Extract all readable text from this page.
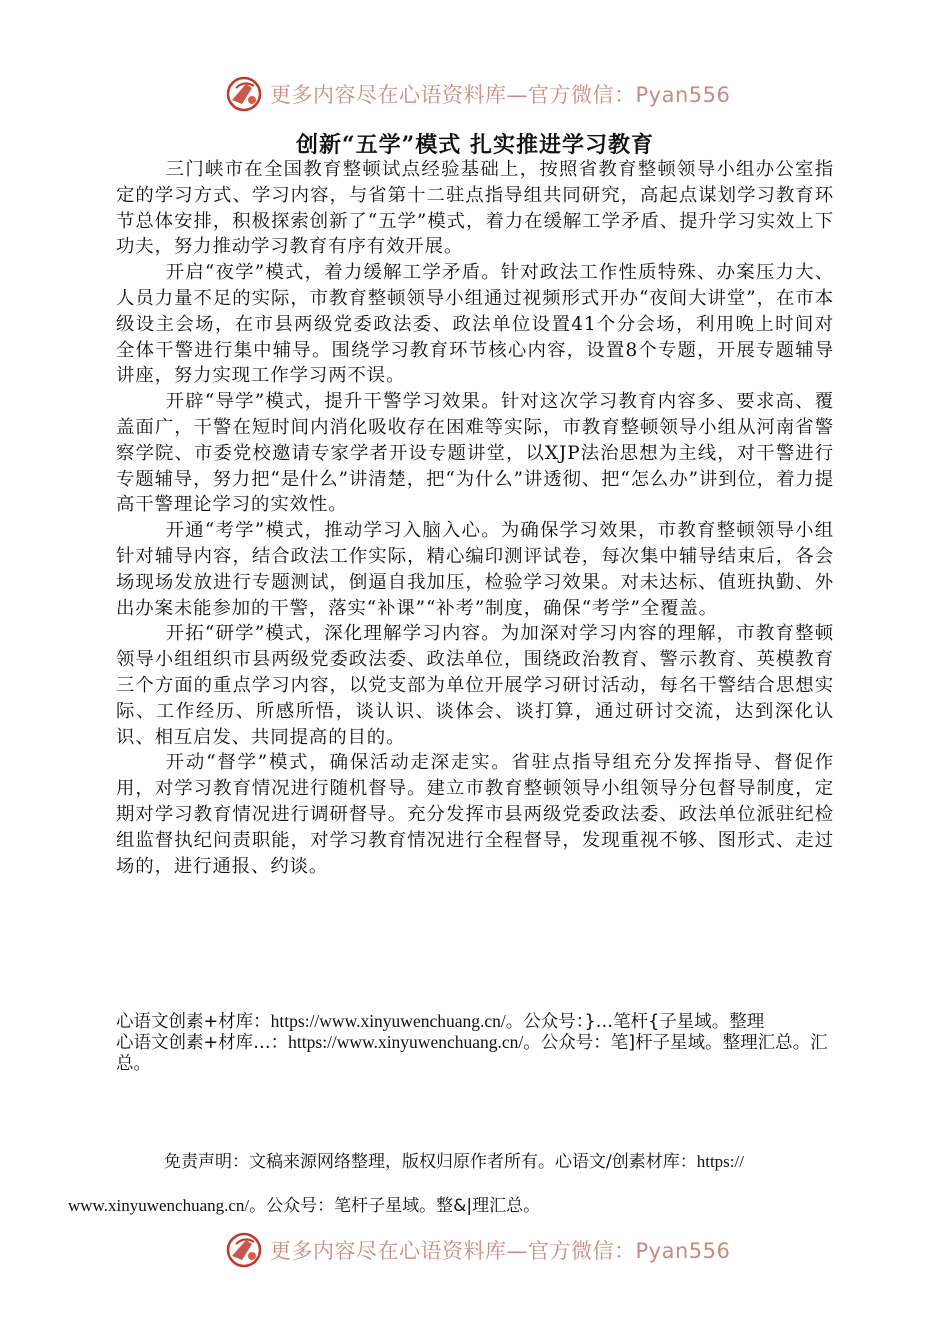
更多内容尽在心语资料库—官方微信：Pyan556
创新“五学”模式 扎实推进学习教育

三门峡市在全国教育整顿试点经验基础上，按照省教育整顿领导小组办公室指定的学习方式、学习内容，与省第十二驻点指导组共同研究，高起点谋划学习教育环节总体安排，积极探索创新了“五学”模式，着力在缓解工学矛盾、提升学习实效上下功夫，努力推动学习教育有序有效开展。

开启“夜学”模式，着力缓解工学矛盾。针对政法工作性质特殊、办案压力大、人员力量不足的实际，市教育整顿领导小组通过视频形式开办“夜间大讲堂”，在市本级设主会场，在市县两级党委政法委、政法单位设置41个分会场，利用晚上时间对全体干警进行集中辅导。围绕学习教育环节核心内容，设置8个专题，开展专题辅导讲座，努力实现工作学习两不误。

开辟“导学”模式，提升干警学习效果。针对这次学习教育内容多、要求高、覆盖面广，干警在短时间内消化吸收存在困难等实际，市教育整顿领导小组从河南省警察学院、市委党校邀请专家学者开设专题讲堂，以XJP法治思想为主线，对干警进行专题辅导，努力把“是什么”讲清楚，把“为什么”讲透彻、把“怎么办”讲到位，着力提高干警理论学习的实效性。

开通“考学”模式，推动学习入脑入心。为确保学习效果，市教育整顿领导小组针对辅导内容，结合政法工作实际，精心编印测评试卷，每次集中辅导结束后，各会场现场发放进行专题测试，倒逼自我加压，检验学习效果。对未达标、值班执勤、外出办案未能参加的干警，落实“补课”“补考”制度，确保“考学”全覆盖。

开拓“研学”模式，深化理解学习内容。为加深对学习内容的理解，市教育整顿领导小组组织市县两级党委政法委、政法单位，围绕政治教育、警示教育、英模教育三个方面的重点学习内容，以党支部为单位开展学习研讨活动，每名干警结合思想实际、工作经历、所感所悟，谈认识、谈体会、谈打算，通过研讨交流，达到深化认识、相互启发、共同提高的目的。

开动“督学”模式，确保活动走深走实。省驻点指导组充分发挥指导、督促作用，对学习教育情况进行随机督导。建立市教育整顿领导小组领导分包督导制度，定期对学习教育情况进行调研督导。充分发挥市县两级党委政法委、政法单位派驻纪检组监督执纪问责职能，对学习教育情况进行全程督导，发现重视不够、图形式、走过场的，进行通报、约谈。

心语文创素+材库：https://www.xinyuwenchuang.cn/。公众号：}…笔杆{子星域。整理
心语文创素+材库…：https://www.xinyuwenchuang.cn/。公众号：笔]杆子星域。整理汇总。汇总。
免责声明：文稿来源网络整理，版权归原作者所有。心语文/创素材库：https://
www.xinyuwenchuang.cn/。公众号：笔杆子星域。整&|理汇总。
更多内容尽在心语资料库—官方微信：Pyan556
